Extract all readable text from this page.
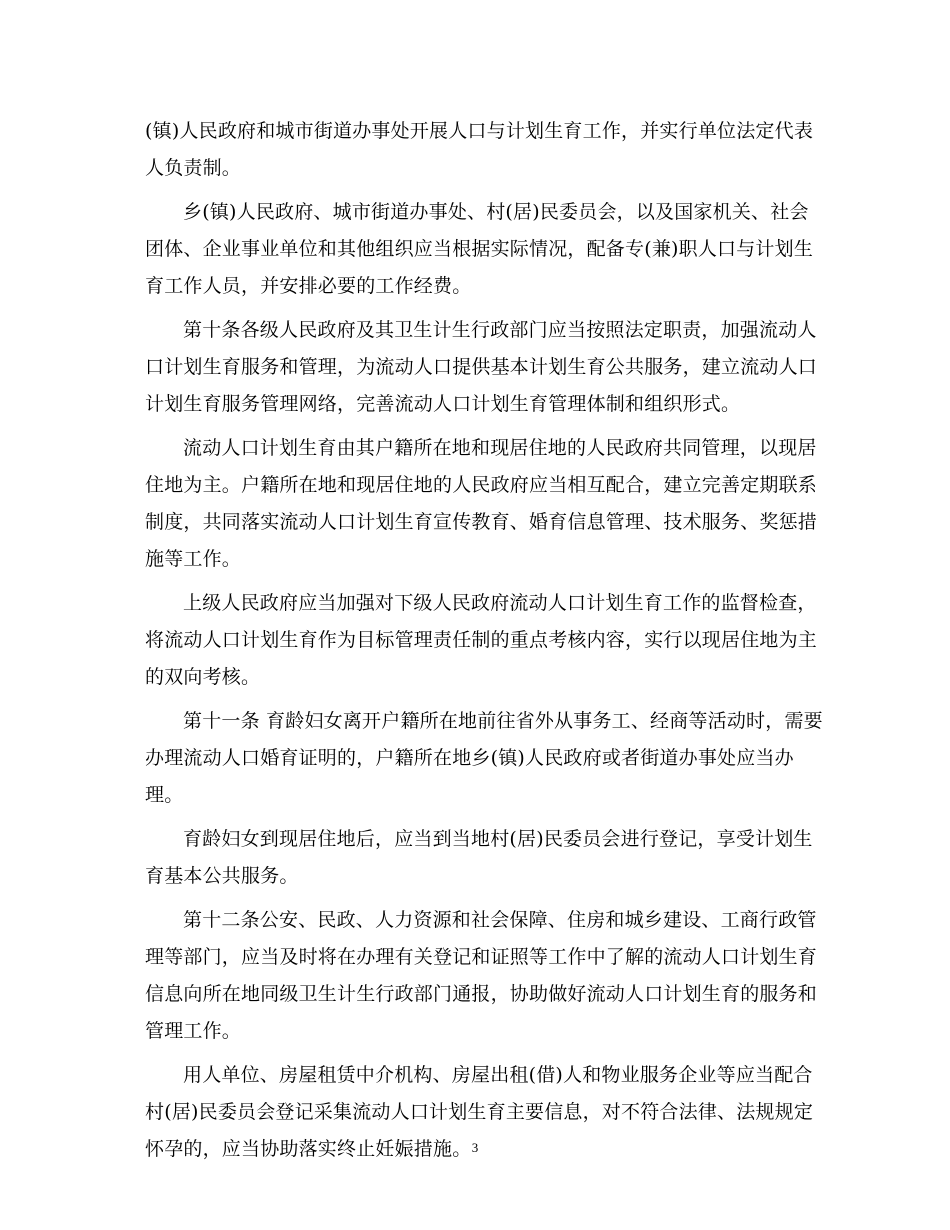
(镇)人民政府和城市街道办事处开展人口与计划生育工作，并实行单位法定代表
人负责制。

乡(镇)人民政府、城市街道办事处、村(居)民委员会，以及国家机关、社会
团体、企业事业单位和其他组织应当根据实际情况，配备专(兼)职人口与计划生
育工作人员，并安排必要的工作经费。

第十条各级人民政府及其卫生计生行政部门应当按照法定职责，加强流动人
口计划生育服务和管理，为流动人口提供基本计划生育公共服务，建立流动人口
计划生育服务管理网络，完善流动人口计划生育管理体制和组织形式。

流动人口计划生育由其户籍所在地和现居住地的人民政府共同管理，以现居
住地为主。户籍所在地和现居住地的人民政府应当相互配合，建立完善定期联系
制度，共同落实流动人口计划生育宣传教育、婚育信息管理、技术服务、奖惩措
施等工作。

上级人民政府应当加强对下级人民政府流动人口计划生育工作的监督检查，
将流动人口计划生育作为目标管理责任制的重点考核内容，实行以现居住地为主
的双向考核。

第十一条 育龄妇女离开户籍所在地前往省外从事务工、经商等活动时，需要
办理流动人口婚育证明的，户籍所在地乡(镇)人民政府或者街道办事处应当办
理。

育龄妇女到现居住地后，应当到当地村(居)民委员会进行登记，享受计划生
育基本公共服务。

第十二条公安、民政、人力资源和社会保障、住房和城乡建设、工商行政管
理等部门，应当及时将在办理有关登记和证照等工作中了解的流动人口计划生育
信息向所在地同级卫生计生行政部门通报，协助做好流动人口计划生育的服务和
管理工作。

用人单位、房屋租赁中介机构、房屋出租(借)人和物业服务企业等应当配合
村(居)民委员会登记采集流动人口计划生育主要信息，对不符合法律、法规规定
怀孕的，应当协助落实终止妊娠措施。 3
